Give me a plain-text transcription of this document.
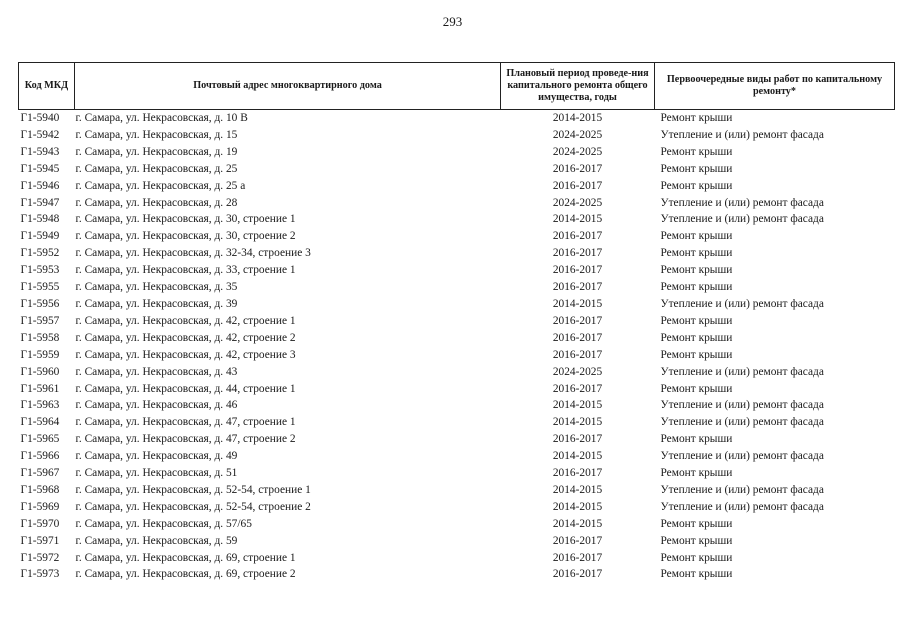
293
Код МКД	Почтовый адрес многоквартирного дома	Плановый период проведе-ния капитального ремонта общего имущества, годы	Первоочередные виды работ по капитальному ремонту*
Г1-5940	г. Самара, ул. Некрасовская, д. 10 В	2014-2015	Ремонт крыши
Г1-5942	г. Самара, ул. Некрасовская, д. 15	2024-2025	Утепление и (или) ремонт фасада
Г1-5943	г. Самара, ул. Некрасовская, д. 19	2024-2025	Ремонт крыши
Г1-5945	г. Самара, ул. Некрасовская, д. 25	2016-2017	Ремонт крыши
Г1-5946	г. Самара, ул. Некрасовская, д. 25 а	2016-2017	Ремонт крыши
Г1-5947	г. Самара, ул. Некрасовская, д. 28	2024-2025	Утепление и (или) ремонт фасада
Г1-5948	г. Самара, ул. Некрасовская, д. 30, строение 1	2014-2015	Утепление и (или) ремонт фасада
Г1-5949	г. Самара, ул. Некрасовская, д. 30, строение 2	2016-2017	Ремонт крыши
Г1-5952	г. Самара, ул. Некрасовская, д. 32-34, строение 3	2016-2017	Ремонт крыши
Г1-5953	г. Самара, ул. Некрасовская, д. 33, строение 1	2016-2017	Ремонт крыши
Г1-5955	г. Самара, ул. Некрасовская, д. 35	2016-2017	Ремонт крыши
Г1-5956	г. Самара, ул. Некрасовская, д. 39	2014-2015	Утепление и (или) ремонт фасада
Г1-5957	г. Самара, ул. Некрасовская, д. 42, строение 1	2016-2017	Ремонт крыши
Г1-5958	г. Самара, ул. Некрасовская, д. 42, строение 2	2016-2017	Ремонт крыши
Г1-5959	г. Самара, ул. Некрасовская, д. 42, строение 3	2016-2017	Ремонт крыши
Г1-5960	г. Самара, ул. Некрасовская, д. 43	2024-2025	Утепление и (или) ремонт фасада
Г1-5961	г. Самара, ул. Некрасовская, д. 44, строение 1	2016-2017	Ремонт крыши
Г1-5963	г. Самара, ул. Некрасовская, д. 46	2014-2015	Утепление и (или) ремонт фасада
Г1-5964	г. Самара, ул. Некрасовская, д. 47, строение 1	2014-2015	Утепление и (или) ремонт фасада
Г1-5965	г. Самара, ул. Некрасовская, д. 47, строение 2	2016-2017	Ремонт крыши
Г1-5966	г. Самара, ул. Некрасовская, д. 49	2014-2015	Утепление и (или) ремонт фасада
Г1-5967	г. Самара, ул. Некрасовская, д. 51	2016-2017	Ремонт крыши
Г1-5968	г. Самара, ул. Некрасовская, д. 52-54, строение 1	2014-2015	Утепление и (или) ремонт фасада
Г1-5969	г. Самара, ул. Некрасовская, д. 52-54, строение 2	2014-2015	Утепление и (или) ремонт фасада
Г1-5970	г. Самара, ул. Некрасовская, д. 57/65	2014-2015	Ремонт крыши
Г1-5971	г. Самара, ул. Некрасовская, д. 59	2016-2017	Ремонт крыши
Г1-5972	г. Самара, ул. Некрасовская, д. 69, строение 1	2016-2017	Ремонт крыши
Г1-5973	г. Самара, ул. Некрасовская, д. 69, строение 2	2016-2017	Ремонт крыши
